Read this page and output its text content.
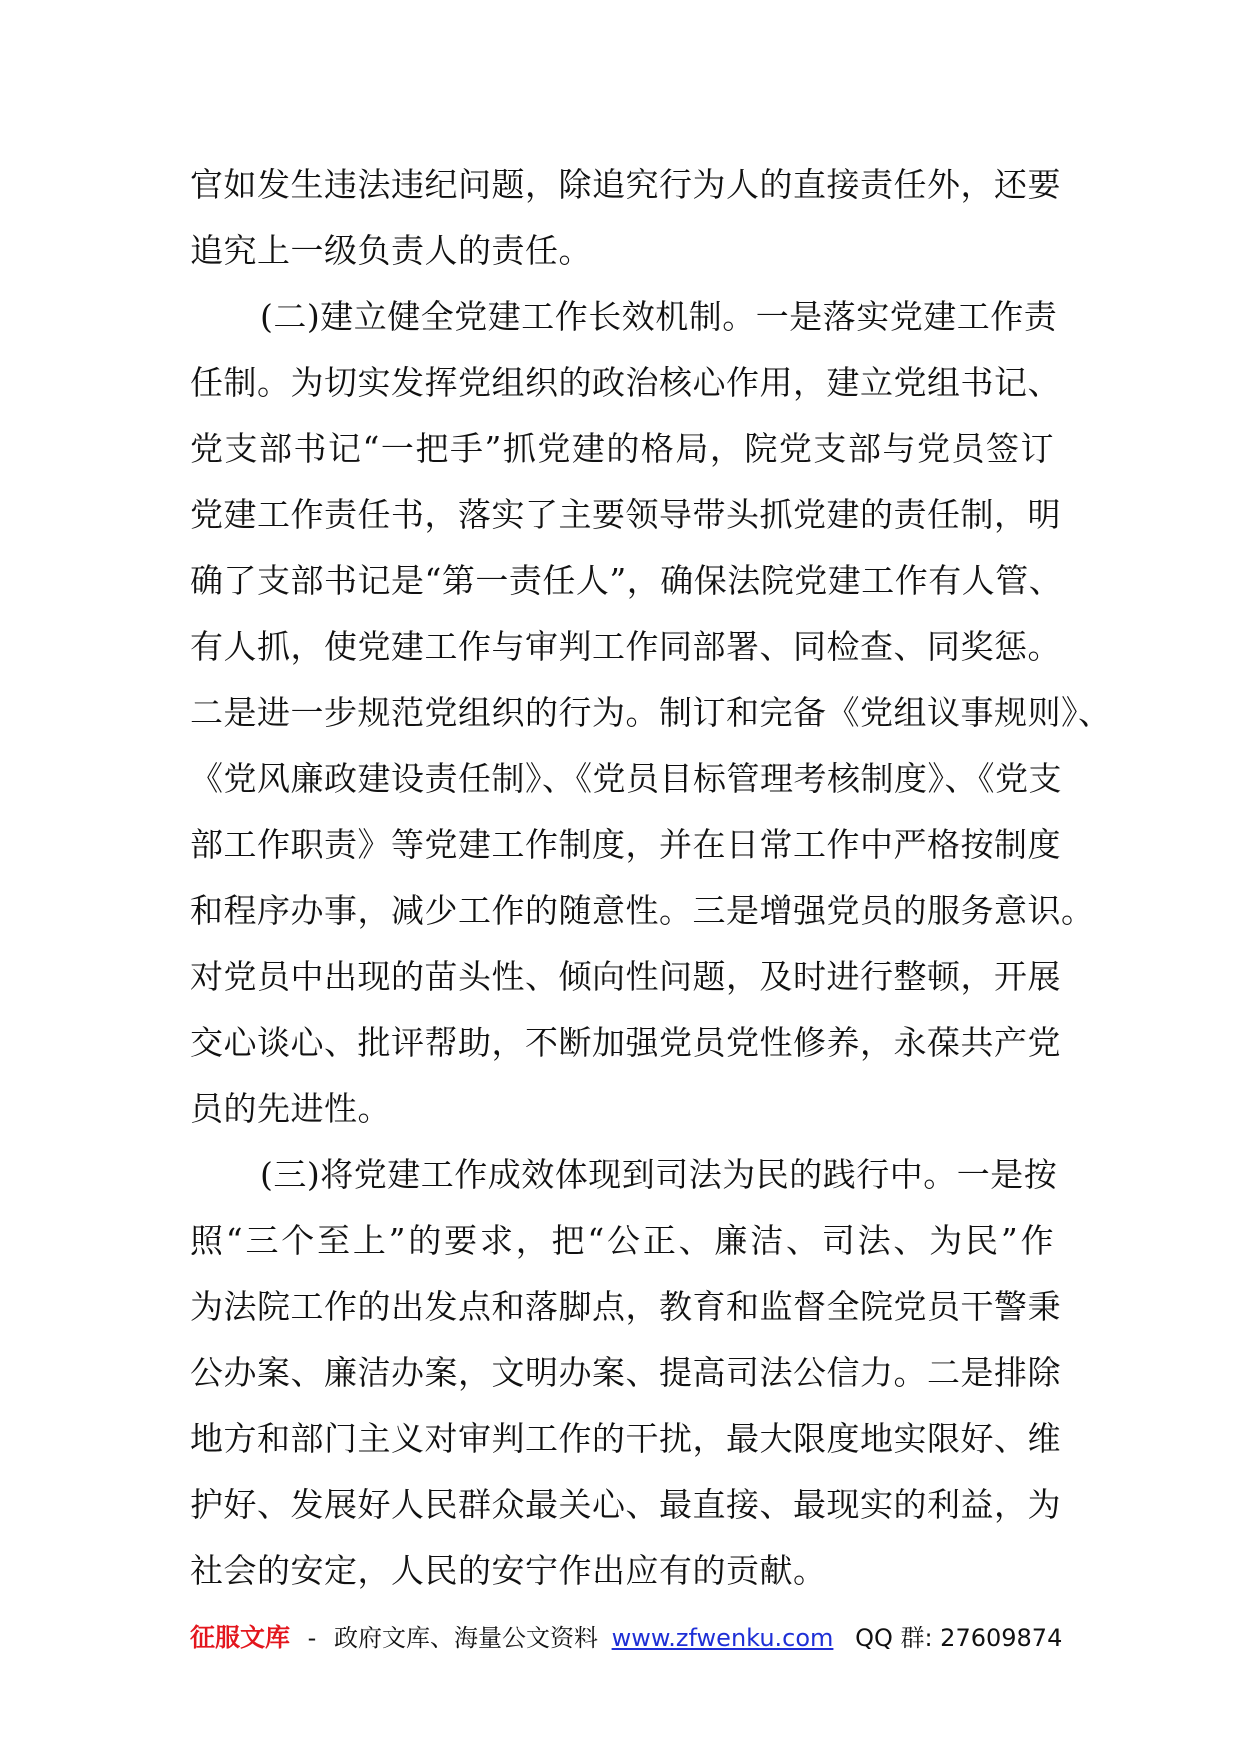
官如发生违法违纪问题，除追究行为人的直接责任外，还要
追究上一级负责人的责任。
(二)建立健全党建工作长效机制。一是落实党建工作责
任制。为切实发挥党组织的政治核心作用，建立党组书记、
党支部书记“一把手”抓党建的格局，院党支部与党员签订
党建工作责任书，落实了主要领导带头抓党建的责任制，明
确了支部书记是“第一责任人”，确保法院党建工作有人管、
有人抓，使党建工作与审判工作同部署、同检查、同奖惩。
二是进一步规范党组织的行为。制订和完备《党组议事规则》、
《党风廉政建设责任制》、《党员目标管理考核制度》、《党支
部工作职责》等党建工作制度，并在日常工作中严格按制度
和程序办事，减少工作的随意性。三是增强党员的服务意识。
对党员中出现的苗头性、倾向性问题，及时进行整顿，开展
交心谈心、批评帮助，不断加强党员党性修养，永葆共产党
员的先进性。
(三)将党建工作成效体现到司法为民的践行中。一是按
照“三个至上”的要求，把“公正、廉洁、司法、为民”作
为法院工作的出发点和落脚点，教育和监督全院党员干警秉
公办案、廉洁办案，文明办案、提高司法公信力。二是排除
地方和部门主义对审判工作的干扰，最大限度地实限好、维
护好、发展好人民群众最关心、最直接、最现实的利益，为
社会的安定，人民的安宁作出应有的贡献。
征服文库 - 政府文库、海量公文资料 www.zfwenku.com QQ 群: 27609874
